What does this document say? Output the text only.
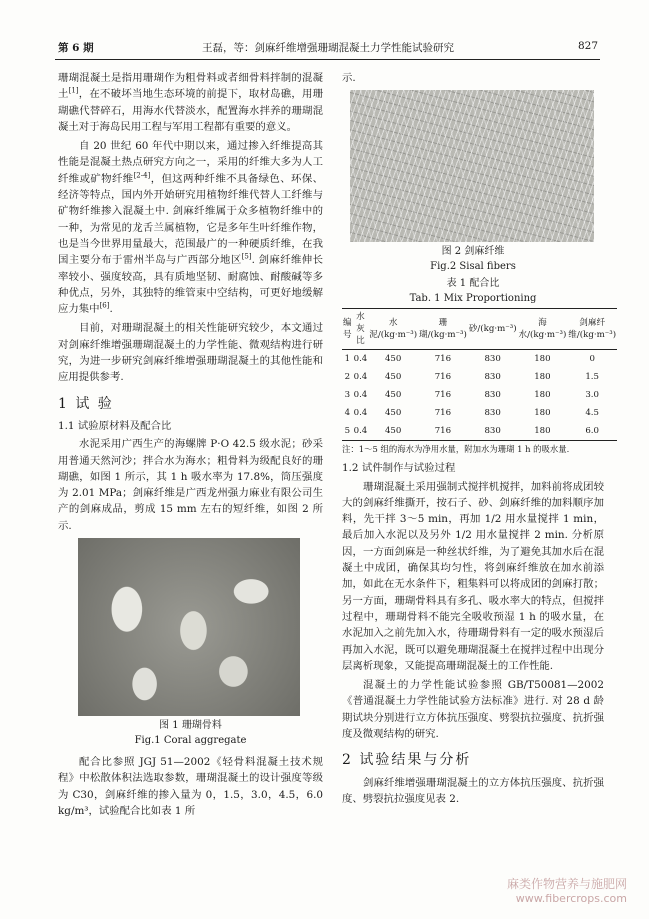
第 6 期	王磊，等：剑麻纤维增强珊瑚混凝土力学性能试验研究	827

珊瑚混凝土是指用珊瑚作为粗骨料或者细骨料拌制的混凝土[1]，在不破坏当地生态环境的前提下，取材岛礁，用珊瑚礁代替碎石，用海水代替淡水，配置海水拌养的珊瑚混凝土对于海岛民用工程与军用工程都有重要的意义。

自 20 世纪 60 年代中期以来，通过掺入纤维提高其性能是混凝土热点研究方向之一，采用的纤维大多为人工纤维或矿物纤维[2-4]，但这两种纤维不具备绿色、环保、经济等特点，国内外开始研究用植物纤维代替人工纤维与矿物纤维掺入混凝土中. 剑麻纤维属于众多植物纤维中的一种，为常见的龙舌兰属植物，它是多年生叶纤维作物，也是当今世界用量最大，范围最广的一种硬质纤维，在我国主要分布于雷州半岛与广西部分地区[5]. 剑麻纤维伸长率较小、强度较高，具有质地坚韧、耐腐蚀、耐酸碱等多种优点，另外，其独特的维管束中空结构，可更好地缓解应力集中[6].

目前，对珊瑚混凝土的相关性能研究较少，本文通过对剑麻纤维增强珊瑚混凝土的力学性能、微观结构进行研究，为进一步研究剑麻纤维增强珊瑚混凝土的其他性能和应用提供参考.

1 试 验
1.1 试验原材料及配合比

水泥采用广西生产的海螺牌 P·O 42.5 级水泥；砂采用普通天然河沙；拌合水为海水；粗骨料为级配良好的珊瑚礁，如图 1 所示，其 1 h 吸水率为 17.8%，筒压强度为 2.01 MPa；剑麻纤维是广西龙州强力麻业有限公司生产的剑麻成品，剪成 15 mm 左右的短纤维，如图 2 所示.

图 1 珊瑚骨料
Fig.1 Coral aggregate

配合比参照 JGJ 51—2002《轻骨料混凝土技术规程》中松散体积法选取参数，珊瑚混凝土的设计强度等级为 C30，剑麻纤维的掺入量为 0，1.5，3.0，4.5，6.0 kg/m³，试验配合比如表 1 所

示.

图 2 剑麻纤维
Fig.2 Sisal fibers
表 1 配合比
Tab. 1 Mix Proportioning
编号	水灰比	水泥/(kg·m⁻³)	珊瑚/(kg·m⁻³)	砂/(kg·m⁻³)	海水/(kg·m⁻³)	剑麻纤维/(kg·m⁻³)
1	0.4	450	716	830	180	0
2	0.4	450	716	830	180	1.5
3	0.4	450	716	830	180	3.0
4	0.4	450	716	830	180	4.5
5	0.4	450	716	830	180	6.0
注：1～5 组的海水为净用水量，附加水为珊瑚 1 h 的吸水量.
1.2 试件制作与试验过程

珊瑚混凝土采用强制式搅拌机搅拌，加料前将成团较大的剑麻纤维撕开，按石子、砂、剑麻纤维的加料顺序加料，先干拌 3～5 min，再加 1/2 用水量搅拌 1 min，最后加入水泥以及另外 1/2 用水量搅拌 2 min. 分析原因，一方面剑麻是一种丝状纤维，为了避免其加水后在混凝土中成团，确保其均匀性，将剑麻纤维放在加水前添加，如此在无水条件下，粗集料可以将成团的剑麻打散；另一方面，珊瑚骨料具有多孔、吸水率大的特点，但搅拌过程中，珊瑚骨料不能完全吸收预湿 1 h 的吸水量，在水泥加入之前先加入水，待珊瑚骨料有一定的吸水预湿后再加入水泥，既可以避免珊瑚混凝土在搅拌过程中出现分层离析现象，又能提高珊瑚混凝土的工作性能.

混凝土的力学性能试验参照 GB/T50081—2002《普通混凝土力学性能试验方法标准》进行. 对 28 d 龄期试块分别进行立方体抗压强度、劈裂抗拉强度、抗折强度及微观结构的研究.

2 试验结果与分析

剑麻纤维增强珊瑚混凝土的立方体抗压强度、抗折强度、劈裂抗拉强度见表 2.

麻类作物营养与施肥网
www.fibercrops.com
